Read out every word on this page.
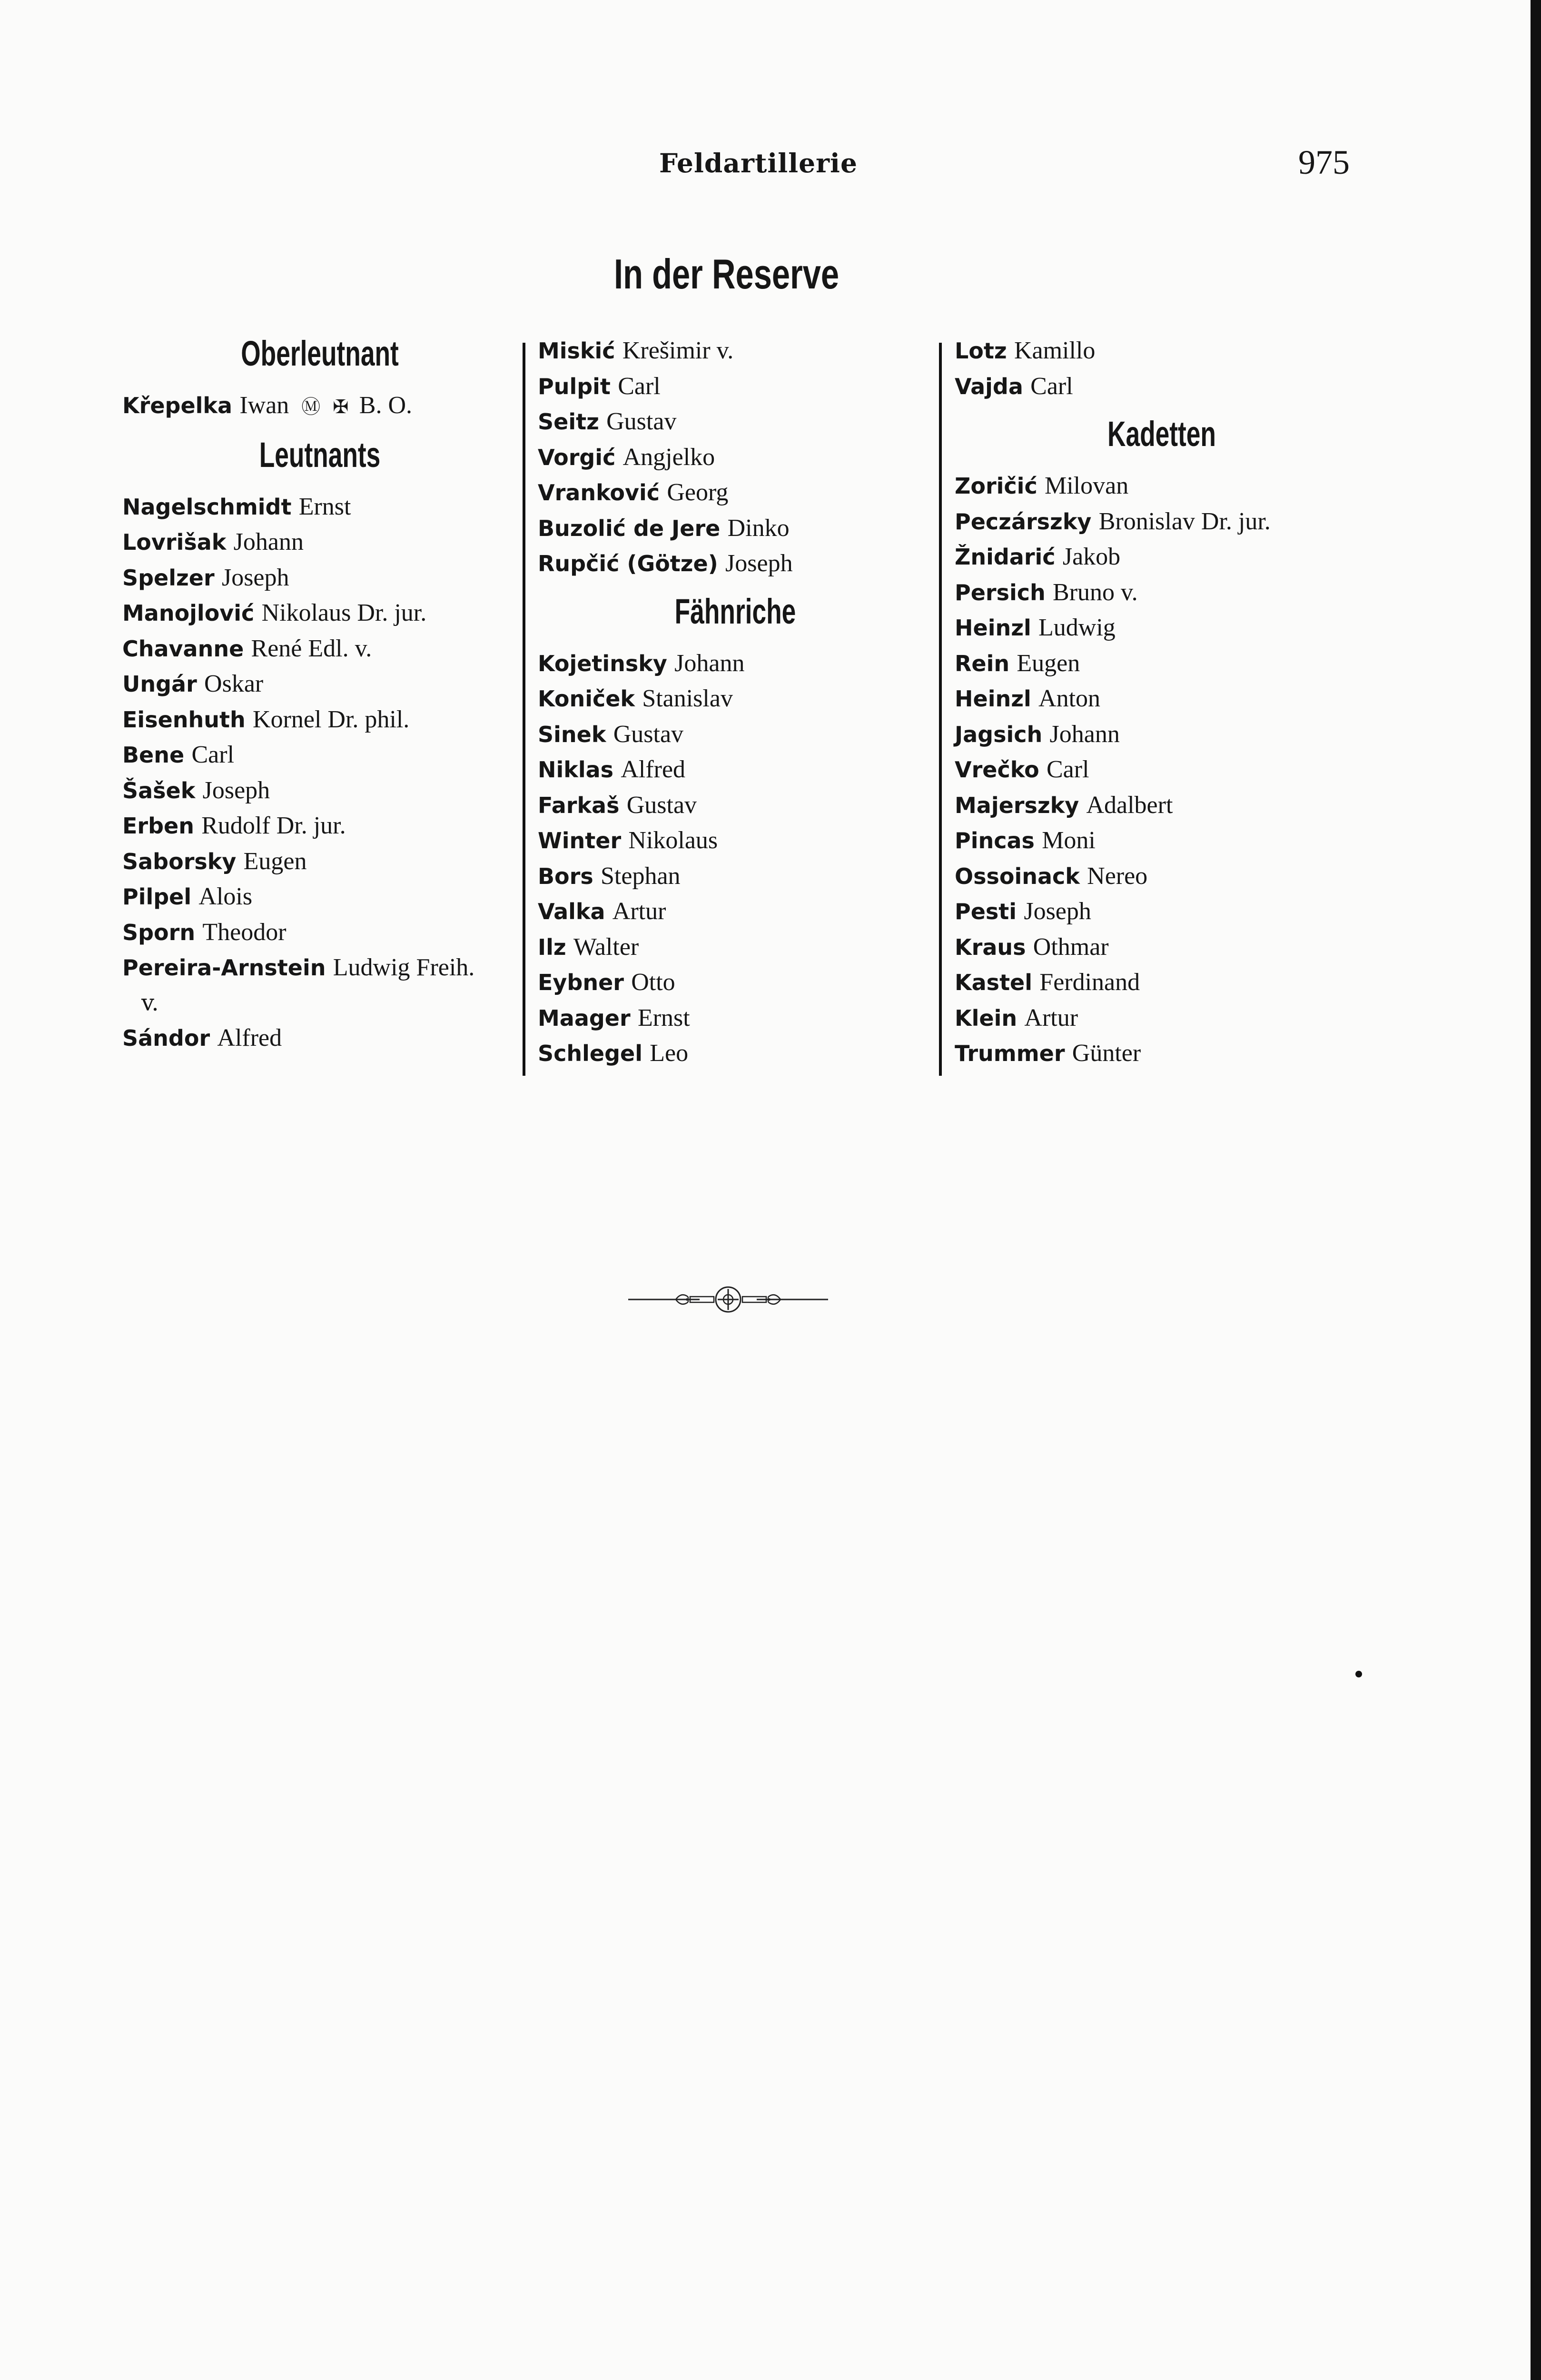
Feldartillerie	975
In der Reserve
Oberleutnant
Křepelka Iwan Ⓜ ✠ B. O.
Leutnants
Nagelschmidt Ernst
Lovrišak Johann
Spelzer Joseph
Manojlović Nikolaus Dr. jur.
Chavanne René Edl. v.
Ungár Oskar
Eisenhuth Kornel Dr. phil.
Bene Carl
Šašek Joseph
Erben Rudolf Dr. jur.
Saborsky Eugen
Pilpel Alois
Sporn Theodor
Pereira-Arnstein Ludwig Freih.
v.
Sándor Alfred
Miskić Krešimir v.
Pulpit Carl
Seitz Gustav
Vorgić Angjelko
Vranković Georg
Buzolić de Jere Dinko
Rupčić (Götze) Joseph
Fähnriche
Kojetinsky Johann
Koniček Stanislav
Sinek Gustav
Niklas Alfred
Farkaš Gustav
Winter Nikolaus
Bors Stephan
Valka Artur
Ilz Walter
Eybner Otto
Maager Ernst
Schlegel Leo
Lotz Kamillo
Vajda Carl
Kadetten
Zoričić Milovan
Peczárszky Bronislav Dr. jur.
Žnidarić Jakob
Persich Bruno v.
Heinzl Ludwig
Rein Eugen
Heinzl Anton
Jagsich Johann
Vrečko Carl
Majerszky Adalbert
Pincas Moni
Ossoinack Nereo
Pesti Joseph
Kraus Othmar
Kastel Ferdinand
Klein Artur
Trummer Günter
